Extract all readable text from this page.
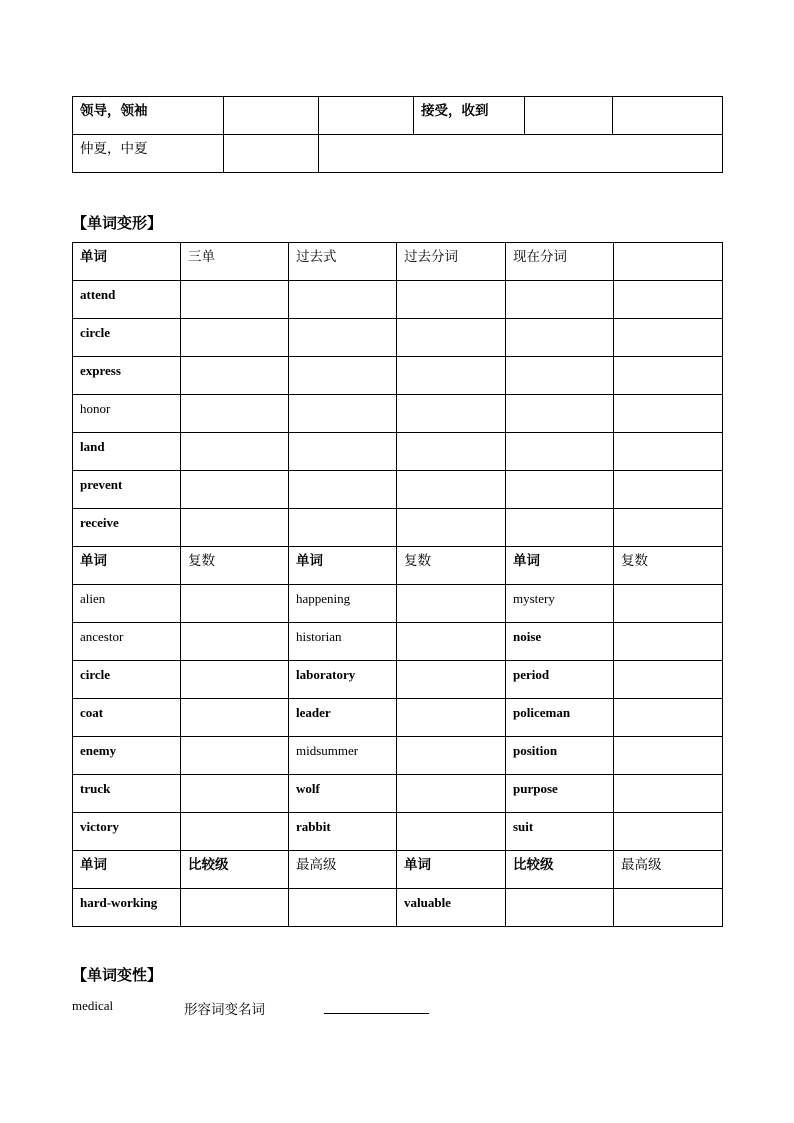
领导，领袖			接受，收到		
仲夏，中夏					
【单词变形】
单词	三单	过去式	过去分词	现在分词	
attend					
circle					
express					
honor					
land					
prevent					
receive					
单词	复数	单词	复数	单词	复数
alien		happening		mystery	
ancestor		historian		noise	
circle		laboratory		period	
coat		leader		policeman	
enemy		midsummer		position	
truck		wolf		purpose	
victory		rabbit		suit	
单词	比较级	最高级	单词	比较级	最高级
hard-working			valuable		
【单词变性】
medical	形容词变名词
